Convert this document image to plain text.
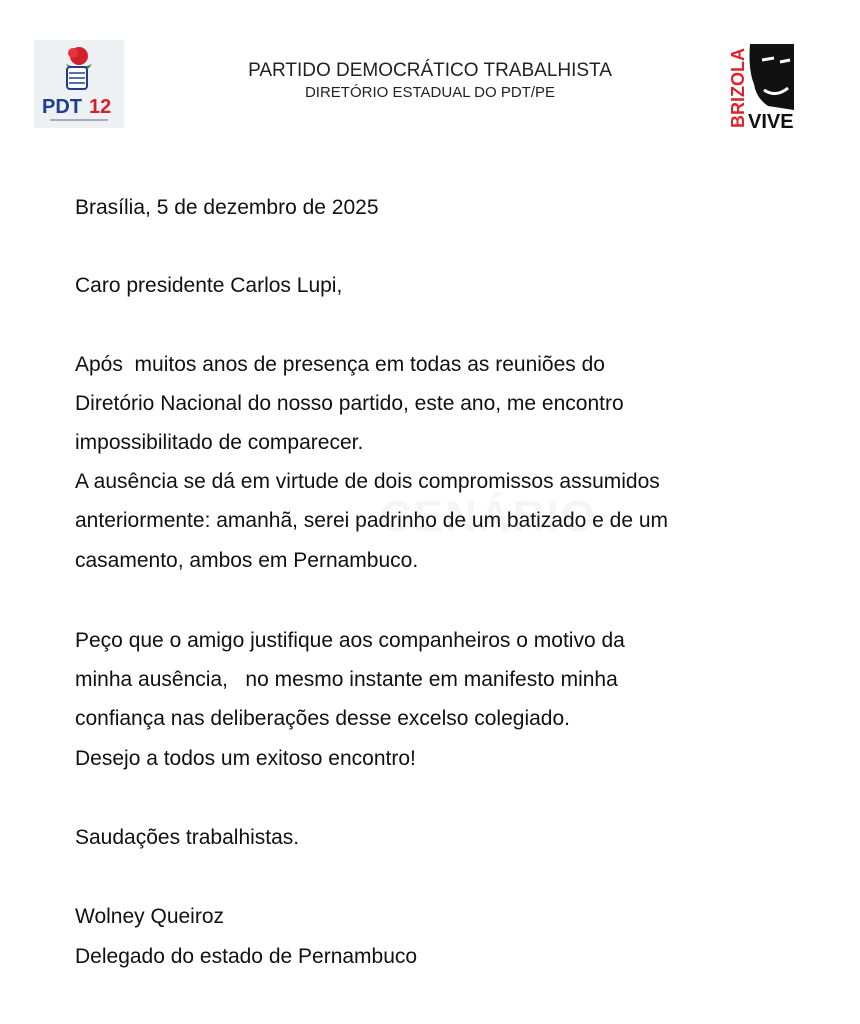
PDT 12	BRIZOLA VIVE
PARTIDO DEMOCRÁTICO TRABALHISTA
DIRETÓRIO ESTADUAL DO PDT/PE
Brasília, 5 de dezembro de 2025
Caro presidente Carlos Lupi,
Após  muitos anos de presença em todas as reuniões do
Diretório Nacional do nosso partido, este ano, me encontro
impossibilitado de comparecer.
A ausência se dá em virtude de dois compromissos assumidos
anteriormente: amanhã, serei padrinho de um batizado e de um
casamento, ambos em Pernambuco.
Peço que o amigo justifique aos companheiros o motivo da
minha ausência,   no mesmo instante em manifesto minha
confiança nas deliberações desse excelso colegiado.
Desejo a todos um exitoso encontro!
Saudações trabalhistas.
Wolney Queiroz
Delegado do estado de Pernambuco
